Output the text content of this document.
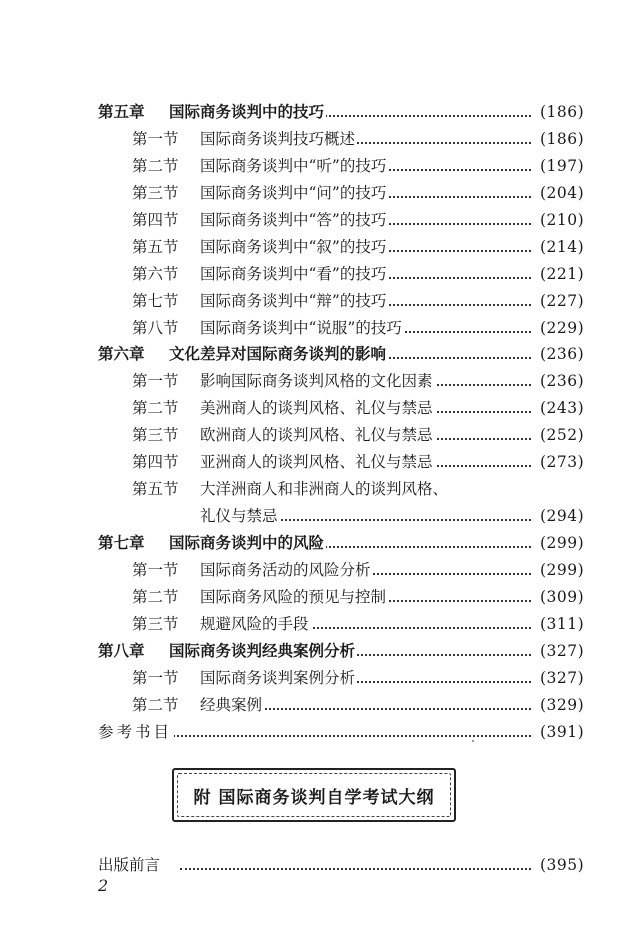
第五章 国际商务谈判中的技巧	(186)
第一节 国际商务谈判技巧概述	(186)
第二节 国际商务谈判中“听”的技巧	(197)
第三节 国际商务谈判中“问”的技巧	(204)
第四节 国际商务谈判中“答”的技巧	(210)
第五节 国际商务谈判中“叙”的技巧	(214)
第六节 国际商务谈判中“看”的技巧	(221)
第七节 国际商务谈判中“辩”的技巧	(227)
第八节 国际商务谈判中“说服”的技巧	(229)
第六章 文化差异对国际商务谈判的影响	(236)
第一节 影响国际商务谈判风格的文化因素	(236)
第二节 美洲商人的谈判风格、礼仪与禁忌	(243)
第三节 欧洲商人的谈判风格、礼仪与禁忌	(252)
第四节 亚洲商人的谈判风格、礼仪与禁忌	(273)
第五节 大洋洲商人和非洲商人的谈判风格、
礼仪与禁忌	(294)
第七章 国际商务谈判中的风险	(299)
第一节 国际商务活动的风险分析	(299)
第二节 国际商务风险的预见与控制	(309)
第三节 规避风险的手段	(311)
第八章 国际商务谈判经典案例分析	(327)
第一节 国际商务谈判案例分析	(327)
第二节 经典案例	(329)
参考书目	(391)
附 国际商务谈判自学考试大纲
出版前言	(395)
2
